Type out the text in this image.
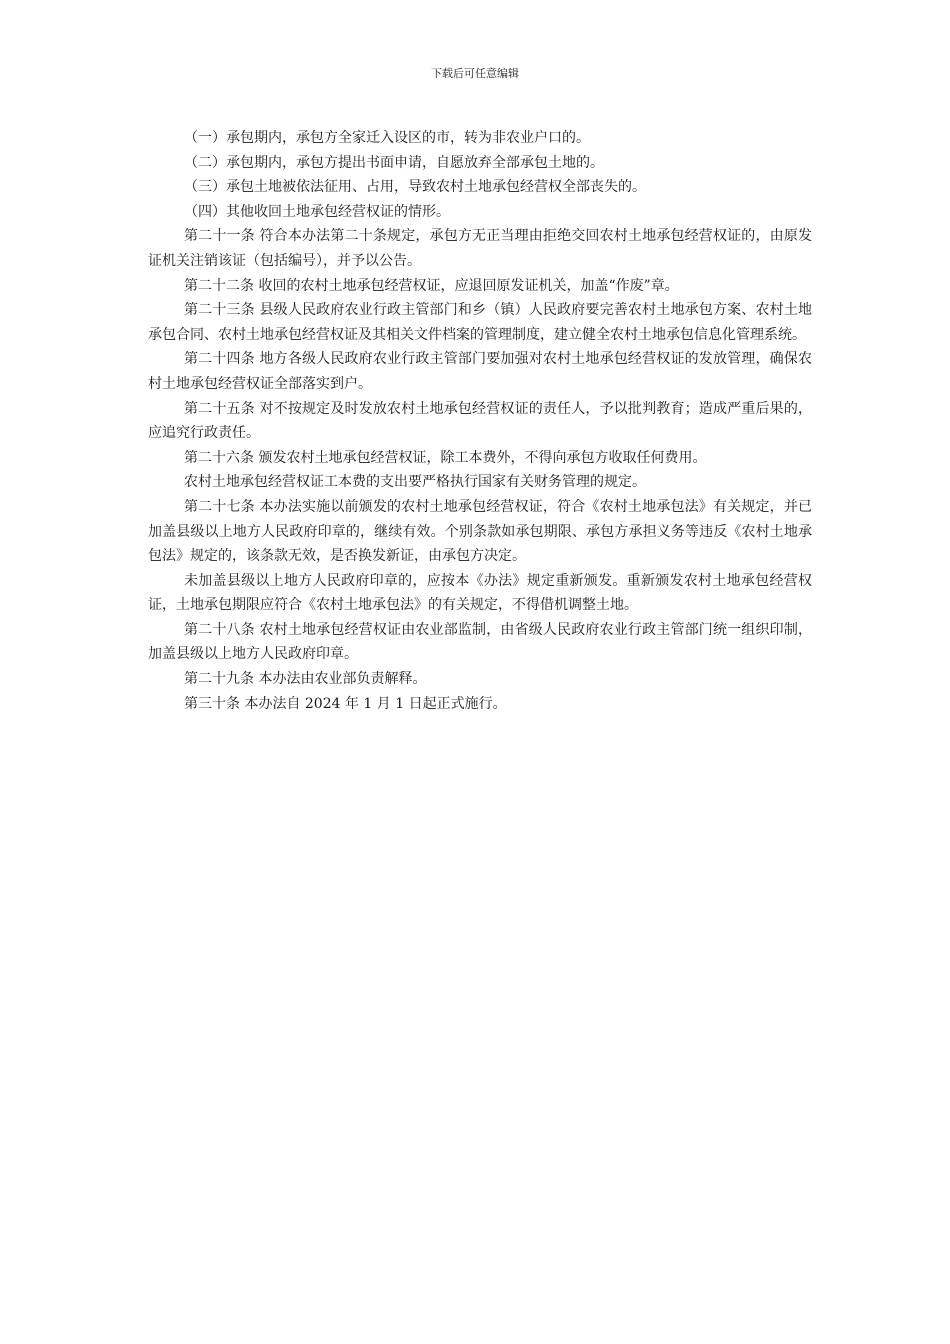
下载后可任意编辑

（一）承包期内，承包方全家迁入设区的市，转为非农业户口的。

（二）承包期内，承包方提出书面申请，自愿放弃全部承包土地的。

（三）承包土地被依法征用、占用，导致农村土地承包经营权全部丧失的。

（四）其他收回土地承包经营权证的情形。

第二十一条 符合本办法第二十条规定，承包方无正当理由拒绝交回农村土地承包经营权证的，由原发证机关注销该证（包括编号），并予以公告。

第二十二条 收回的农村土地承包经营权证，应退回原发证机关，加盖“作废”章。

第二十三条 县级人民政府农业行政主管部门和乡（镇）人民政府要完善农村土地承包方案、农村土地承包合同、农村土地承包经营权证及其相关文件档案的管理制度，建立健全农村土地承包信息化管理系统。

第二十四条 地方各级人民政府农业行政主管部门要加强对农村土地承包经营权证的发放管理，确保农村土地承包经营权证全部落实到户。

第二十五条 对不按规定及时发放农村土地承包经营权证的责任人，予以批判教育；造成严重后果的，应追究行政责任。

第二十六条 颁发农村土地承包经营权证，除工本费外，不得向承包方收取任何费用。

农村土地承包经营权证工本费的支出要严格执行国家有关财务管理的规定。

第二十七条 本办法实施以前颁发的农村土地承包经营权证，符合《农村土地承包法》有关规定，并已加盖县级以上地方人民政府印章的，继续有效。个别条款如承包期限、承包方承担义务等违反《农村土地承包法》规定的，该条款无效，是否换发新证，由承包方决定。

未加盖县级以上地方人民政府印章的，应按本《办法》规定重新颁发。重新颁发农村土地承包经营权证，土地承包期限应符合《农村土地承包法》的有关规定，不得借机调整土地。

第二十八条 农村土地承包经营权证由农业部监制，由省级人民政府农业行政主管部门统一组织印制，加盖县级以上地方人民政府印章。

第二十九条 本办法由农业部负责解释。

第三十条 本办法自 2024 年 1 月 1 日起正式施行。
